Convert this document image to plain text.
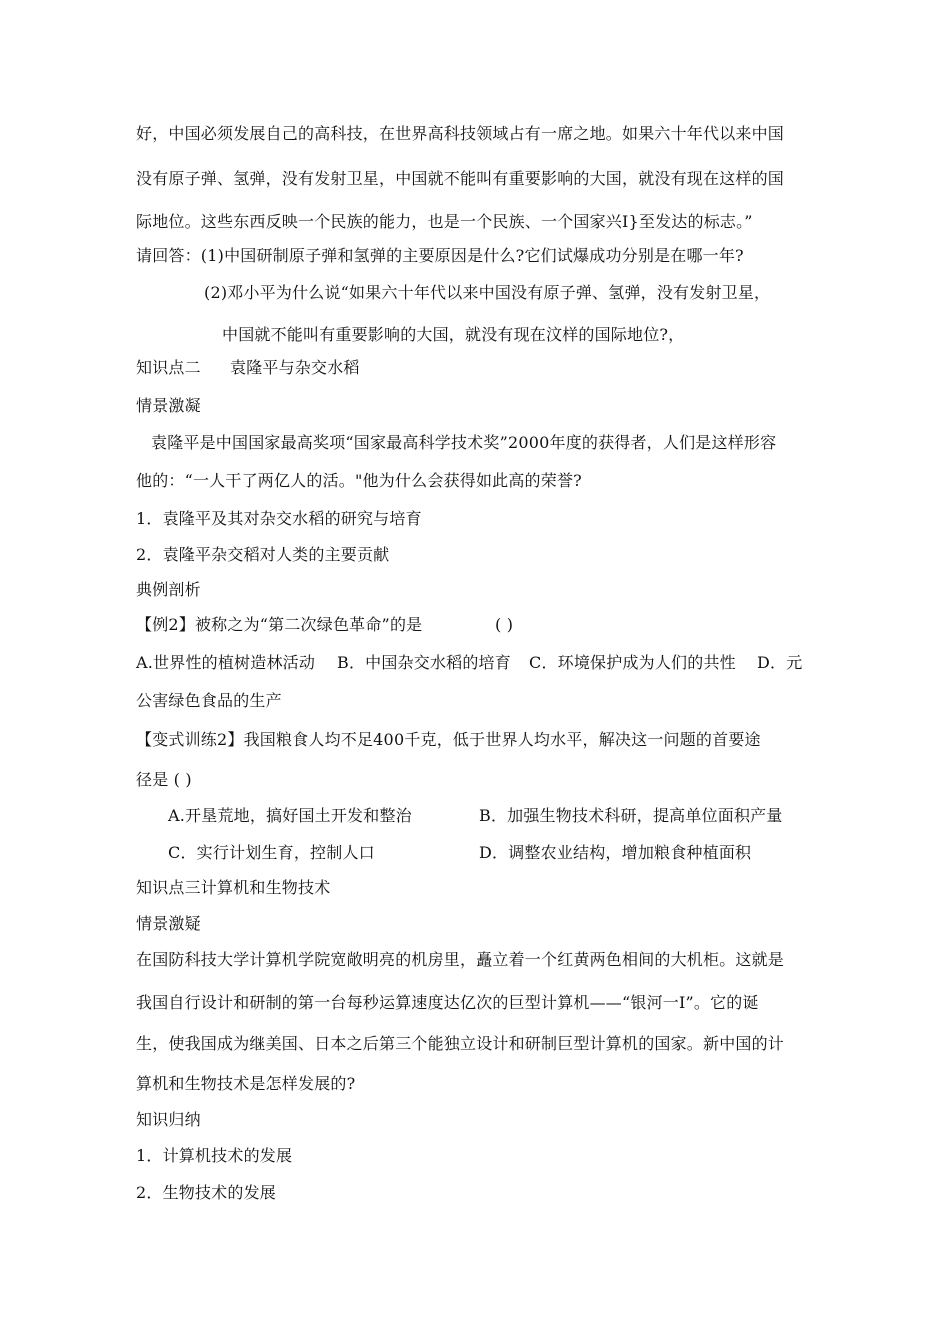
好，中国必须发展自己的高科技，在世界高科技领域占有一席之地。如果六十年代以来中国
没有原子弹、氢弹，没有发射卫星，中国就不能叫有重要影响的大国，就没有现在这样的国
际地位。这些东西反映一个民族的能力，也是一个民族、一个国家兴I}至发达的标志。”
请回答：(1)中国研制原子弹和氢弹的主要原因是什么?它们试爆成功分别是在哪一年?
(2)邓小平为什么说“如果六十年代以来中国没有原子弹、氢弹，没有发射卫星，
中国就不能叫有重要影响的大国，就没有现在汶样的国际地位?，
知识点二 袁隆平与杂交水稻
情景激凝
袁隆平是中国国家最高奖项“国家最高科学技术奖”2000年度的获得者，人们是这样形容
他的：“一人干了两亿人的活。"他为什么会获得如此高的荣誉?
1．袁隆平及其对杂交水稻的研究与培育
2．袁隆平杂交稻对人类的主要贡献
典例剖析
【例2】被称之为“第二次绿色革命”的是	( )
A.世界性的植树造林活动 B．中国杂交水稻的培育 C．环境保护成为人们的共性 D．元
公害绿色食品的生产
【变式训练2】我国粮食人均不足400千克，低于世界人均水平，解决这一问题的首要途
径是 ( )
A.开垦荒地，搞好国土开发和整治	B．加强生物技术科研，提高单位面积产量
C．实行计划生育，控制人口	D．调整农业结构，增加粮食种植面积
知识点三计算机和生物技术
情景激疑
在国防科技大学计算机学院宽敞明亮的机房里，矗立着一个红黄两色相间的大机柜。这就是
我国自行设计和研制的第一台每秒运算速度达亿次的巨型计算机——“银河一I”。它的诞
生，使我国成为继美国、日本之后第三个能独立设计和研制巨型计算机的国家。新中国的计
算机和生物技术是怎样发展的?
知识归纳
1．计算机技术的发展
2．生物技术的发展
